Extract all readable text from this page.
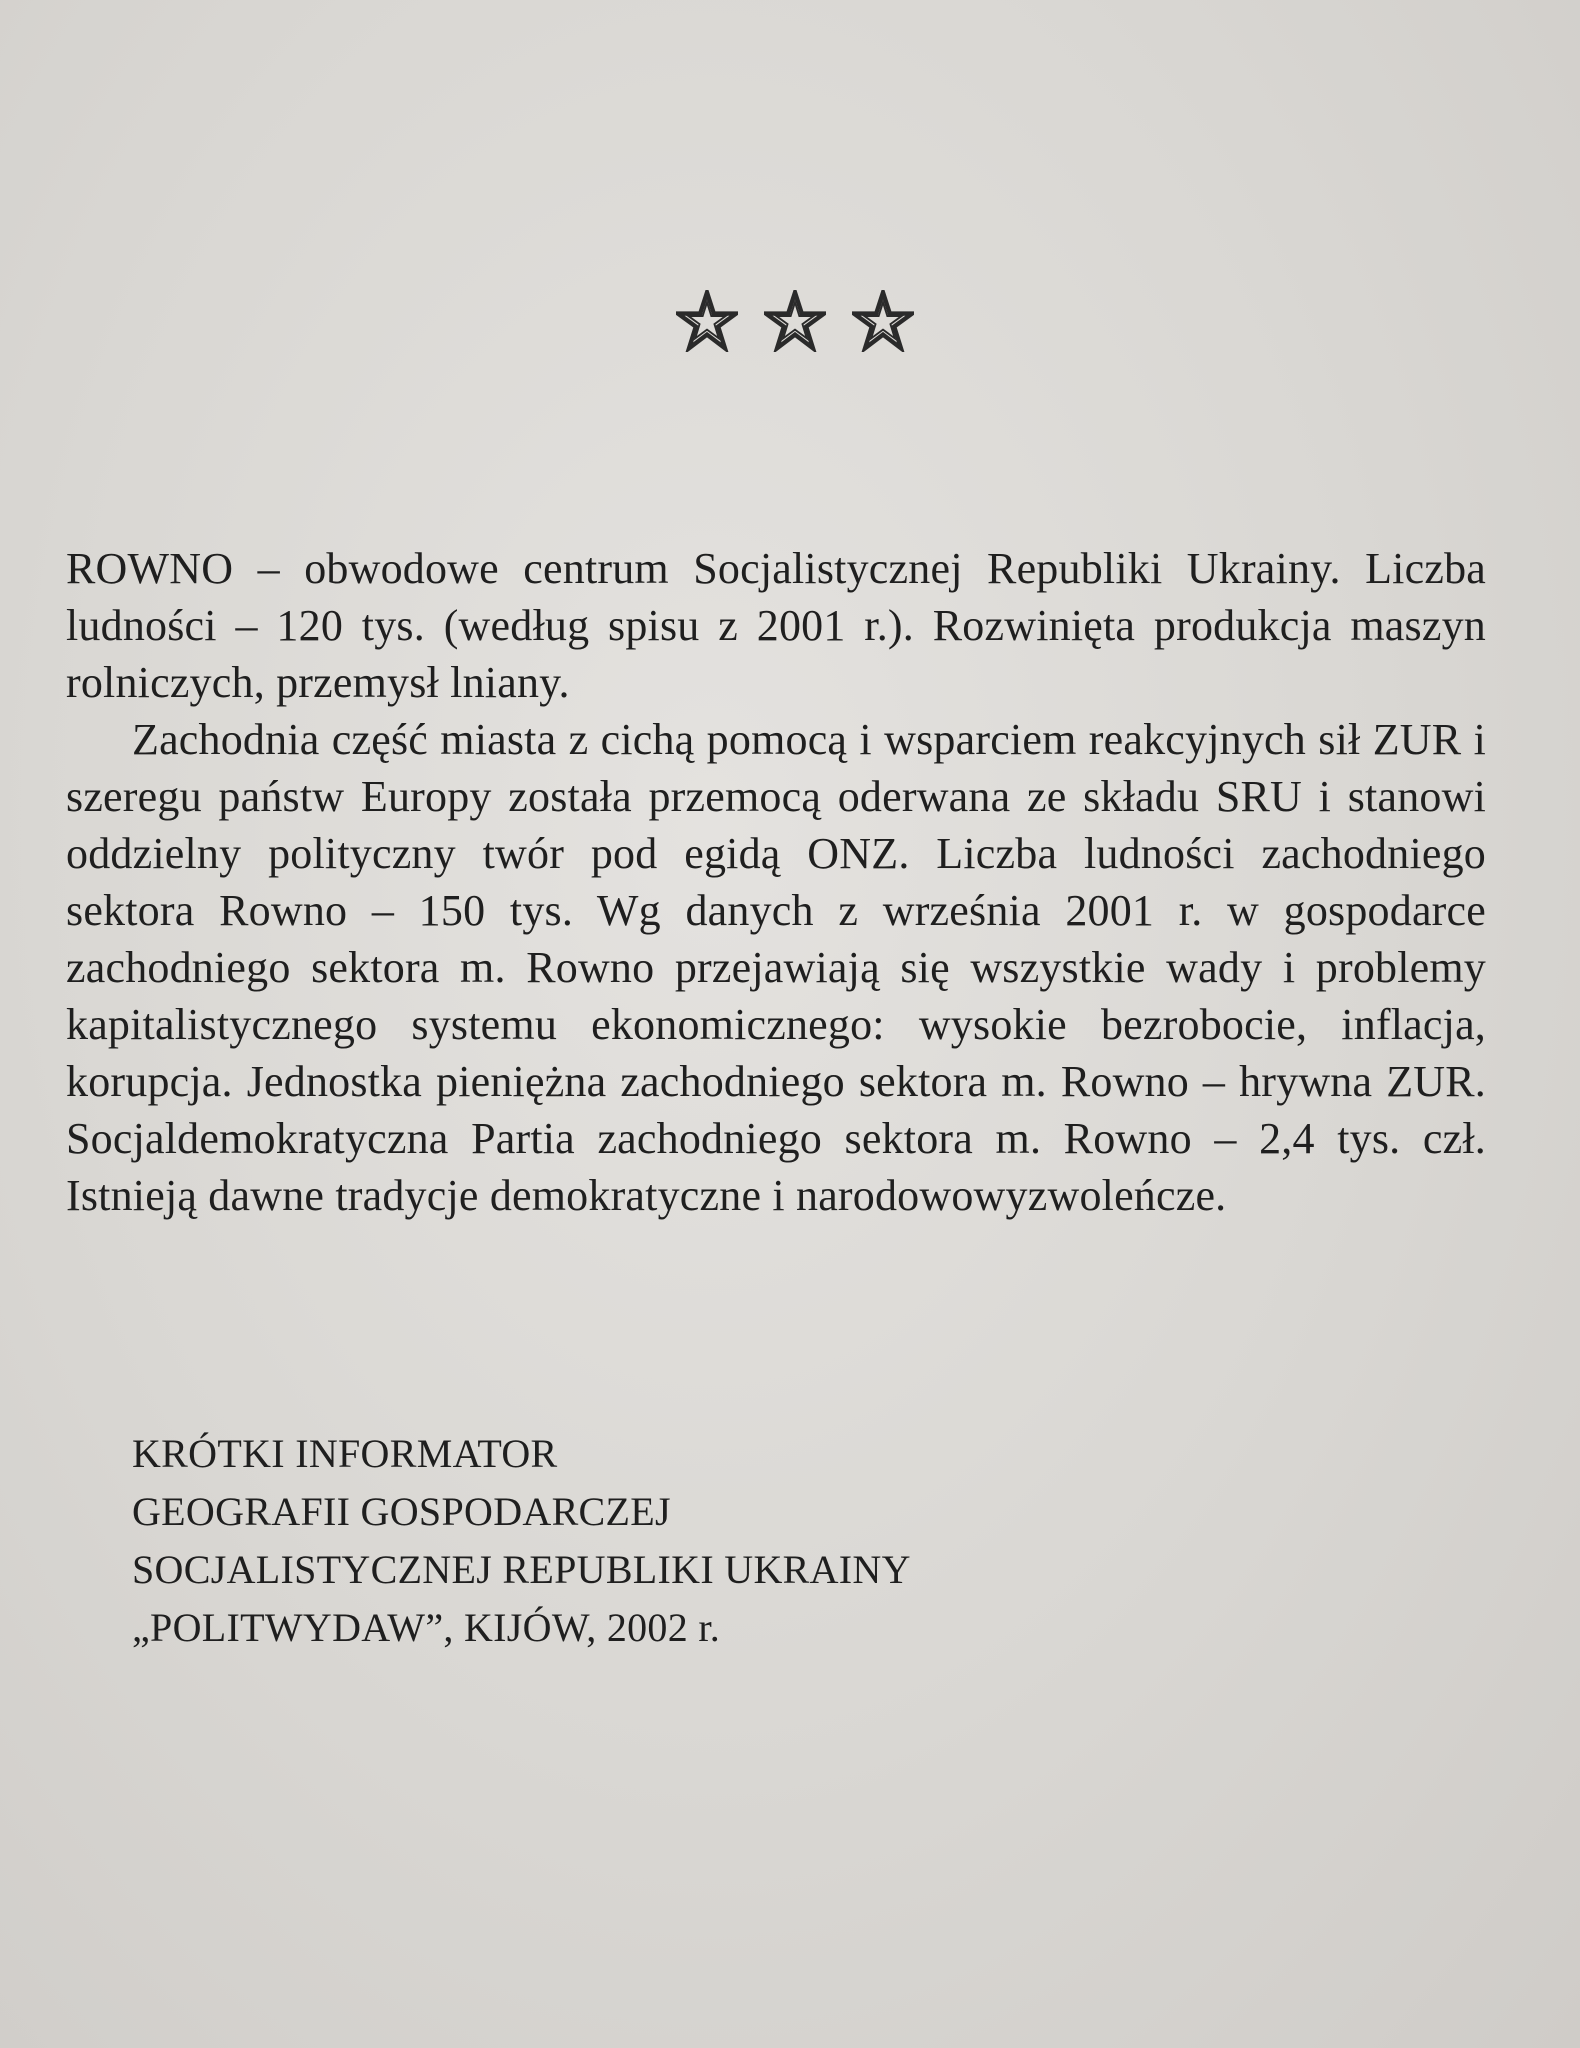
ROWNO – obwodowe centrum Socjalistycznej Republiki Ukrainy. Liczba ludności – 120 tys. (według spisu z 2001 r.). Rozwinięta produkcja maszyn rolniczych, przemysł lniany.

Zachodnia część miasta z cichą pomocą i wsparciem reakcyjnych sił ZUR i szeregu państw Europy została przemocą oderwana ze składu SRU i stanowi oddzielny polityczny twór pod egidą ONZ. Liczba ludności zachodniego sektora Rowno – 150 tys. Wg danych z września 2001 r. w gospodarce zachodniego sektora m. Rowno przejawiają się wszystkie wady i problemy kapitalistycznego systemu ekonomicznego: wysokie bezrobocie, inflacja, korupcja. Jednostka pieniężna zachodniego sektora m. Rowno – hrywna ZUR. Socjaldemokratyczna Partia zachodniego sektora m. Rowno – 2,4 tys. czł. Istnieją dawne tradycje demokratyczne i narodowowyzwoleńcze.

KRÓTKI INFORMATOR
GEOGRAFII GOSPODARCZEJ
SOCJALISTYCZNEJ REPUBLIKI UKRAINY
„POLITWYDAW”, KIJÓW, 2002 r.
